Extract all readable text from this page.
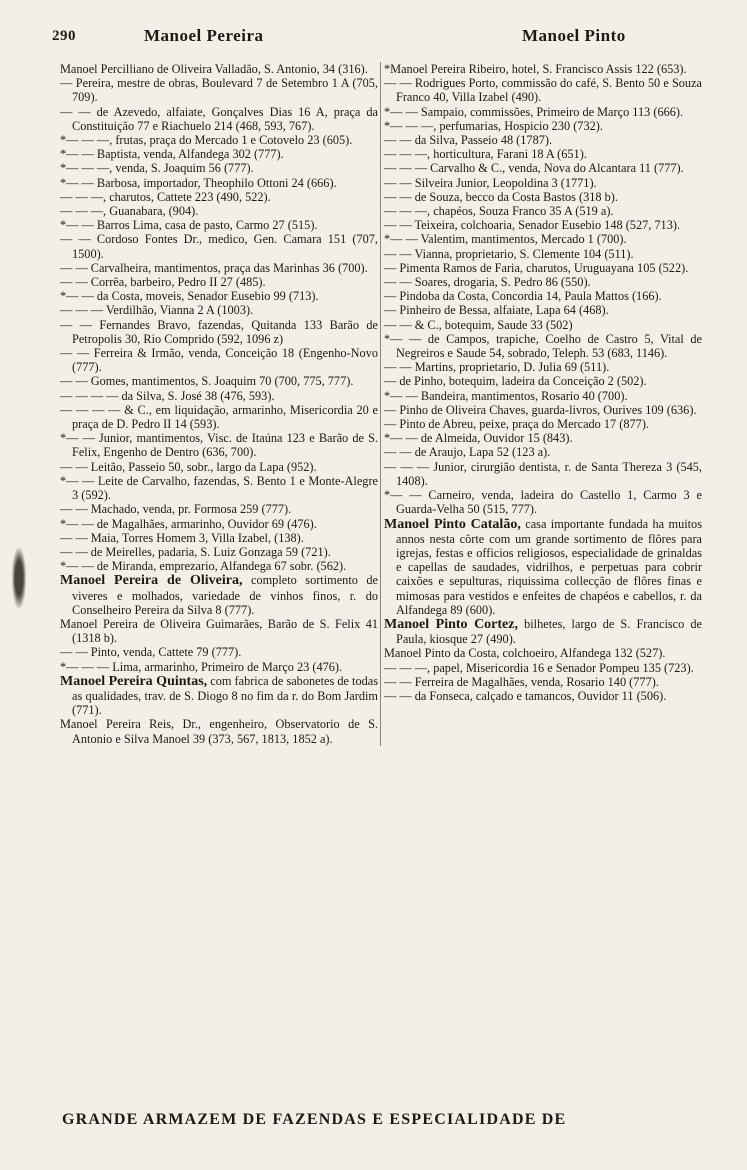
290	Manoel Pereira	Manoel Pinto

Manoel Percilliano de Oliveira Valladão, S. Antonio, 34 (316).

— Pereira, mestre de obras, Boulevard 7 de Setembro 1 A (705, 709).

— — de Azevedo, alfaiate, Gonçalves Dias 16 A, praça da Constituição 77 e Riachuelo 214 (468, 593, 767).

*— — —, frutas, praça do Mercado 1 e Cotovelo 23 (605).

*— — Baptista, venda, Alfandega 302 (777).

*— — —, venda, S. Joaquim 56 (777).

*— — Barbosa, importador, Theophilo Ottoni 24 (666).

— — —, charutos, Cattete 223 (490, 522).

— — —, Guanabara, (904).

*— — Barros Lima, casa de pasto, Carmo 27 (515).

— — Cordoso Fontes Dr., medico, Gen. Camara 151 (707, 1500).

— — Carvalheira, mantimentos, praça das Marinhas 36 (700).

— — Corrêa, barbeiro, Pedro II 27 (485).

*— — da Costa, moveis, Senador Eusebio 99 (713).

— — — Verdilhão, Vianna 2 A (1003).

— — Fernandes Bravo, fazendas, Quitanda 133 Barão de Petropolis 30, Rio Comprido (592, 1096 z)

— — Ferreira & Irmão, venda, Conceição 18 (Engenho-Novo (777).

— — Gomes, mantimentos, S. Joaquim 70 (700, 775, 777).

— — — — da Silva, S. José 38 (476, 593).

— — — — & C., em liquidação, armarinho, Misericordia 20 e praça de D. Pedro II 14 (593).

*— — Junior, mantimentos, Visc. de Itaúna 123 e Barão de S. Felix, Engenho de Dentro (636, 700).

— — Leitão, Passeio 50, sobr., largo da Lapa (952).

*— — Leite de Carvalho, fazendas, S. Bento 1 e Monte-Alegre 3 (592).

— — Machado, venda, pr. Formosa 259 (777).

*— — de Magalhães, armarinho, Ouvidor 69 (476).

— — Maia, Torres Homem 3, Villa Izabel, (138).

— — de Meirelles, padaria, S. Luiz Gonzaga 59 (721).

*— — de Miranda, emprezario, Alfandega 67 sobr. (562).

Manoel Pereira de Oliveira, completo sortimento de viveres e molhados, variedade de vinhos finos, r. do Conselheiro Pereira da Silva 8 (777).

Manoel Pereira de Oliveira Guimarães, Barão de S. Felix 41 (1318 b).

— — Pinto, venda, Cattete 79 (777).

*— — — Lima, armarinho, Primeiro de Março 23 (476).

Manoel Pereira Quintas, com fabrica de sabonetes de todas as qualidades, trav. de S. Diogo 8 no fim da r. do Bom Jardim (771).

Manoel Pereira Reis, Dr., engenheiro, Observatorio de S. Antonio e Silva Manoel 39 (373, 567, 1813, 1852 a).

*Manoel Pereira Ribeiro, hotel, S. Francisco Assis 122 (653).

— — Rodrigues Porto, commissão do café, S. Bento 50 e Souza Franco 40, Villa Izabel (490).

*— — Sampaio, commissões, Primeiro de Março 113 (666).

*— — —, perfumarias, Hospicio 230 (732).

— — da Silva, Passeio 48 (1787).

— — —, horticultura, Farani 18 A (651).

— — — Carvalho & C., venda, Nova do Alcantara 11 (777).

— — Silveira Junior, Leopoldina 3 (1771).

— — de Souza, becco da Costa Bastos (318 b).

— — —, chapéos, Souza Franco 35 A (519 a).

— — Teixeira, colchoaria, Senador Eusebio 148 (527, 713).

*— — Valentim, mantimentos, Mercado 1 (700).

— — Vianna, proprietario, S. Clemente 104 (511).

— Pimenta Ramos de Faria, charutos, Uruguayana 105 (522).

— — Soares, drogaria, S. Pedro 86 (550).

— Pindoba da Costa, Concordia 14, Paula Mattos (166).

— Pinheiro de Bessa, alfaiate, Lapa 64 (468).

— — & C., botequim, Saude 33 (502)

*— — de Campos, trapiche, Coelho de Castro 5, Vital de Negreiros e Saude 54, sobrado, Teleph. 53 (683, 1146).

— — Martins, proprietario, D. Julia 69 (511).

— de Pinho, botequim, ladeira da Conceição 2 (502).

*— — Bandeira, mantimentos, Rosario 40 (700).

— Pinho de Oliveira Chaves, guarda-livros, Ourives 109 (636).

— Pinto de Abreu, peixe, praça do Mercado 17 (877).

*— — de Almeida, Ouvidor 15 (843).

— — de Araujo, Lapa 52 (123 a).

— — — Junior, cirurgião dentista, r. de Santa Thereza 3 (545, 1408).

*— — Carneiro, venda, ladeira do Castello 1, Carmo 3 e Guarda-Velha 50 (515, 777).

Manoel Pinto Catalão, casa importante fundada ha muitos annos nesta côrte com um grande sortimento de flôres para igrejas, festas e officios religiosos, especialidade de grinaldas e capellas de saudades, vidrilhos, e perpetuas para cobrir caixões e sepulturas, riquissima collecção de flôres finas e mimosas para vestidos e enfeites de chapéos e cabellos, r. da Alfandega 89 (600).

Manoel Pinto Cortez, bilhetes, largo de S. Francisco de Paula, kiosque 27 (490).

Manoel Pinto da Costa, colchoeiro, Alfandega 132 (527).

— — —, papel, Misericordia 16 e Senador Pompeu 135 (723).

— — Ferreira de Magalhães, venda, Rosario 140 (777).

— — da Fonseca, calçado e tamancos, Ouvidor 11 (506).

GRANDE ARMAZEM DE FAZENDAS E ESPECIALIDADE DE
